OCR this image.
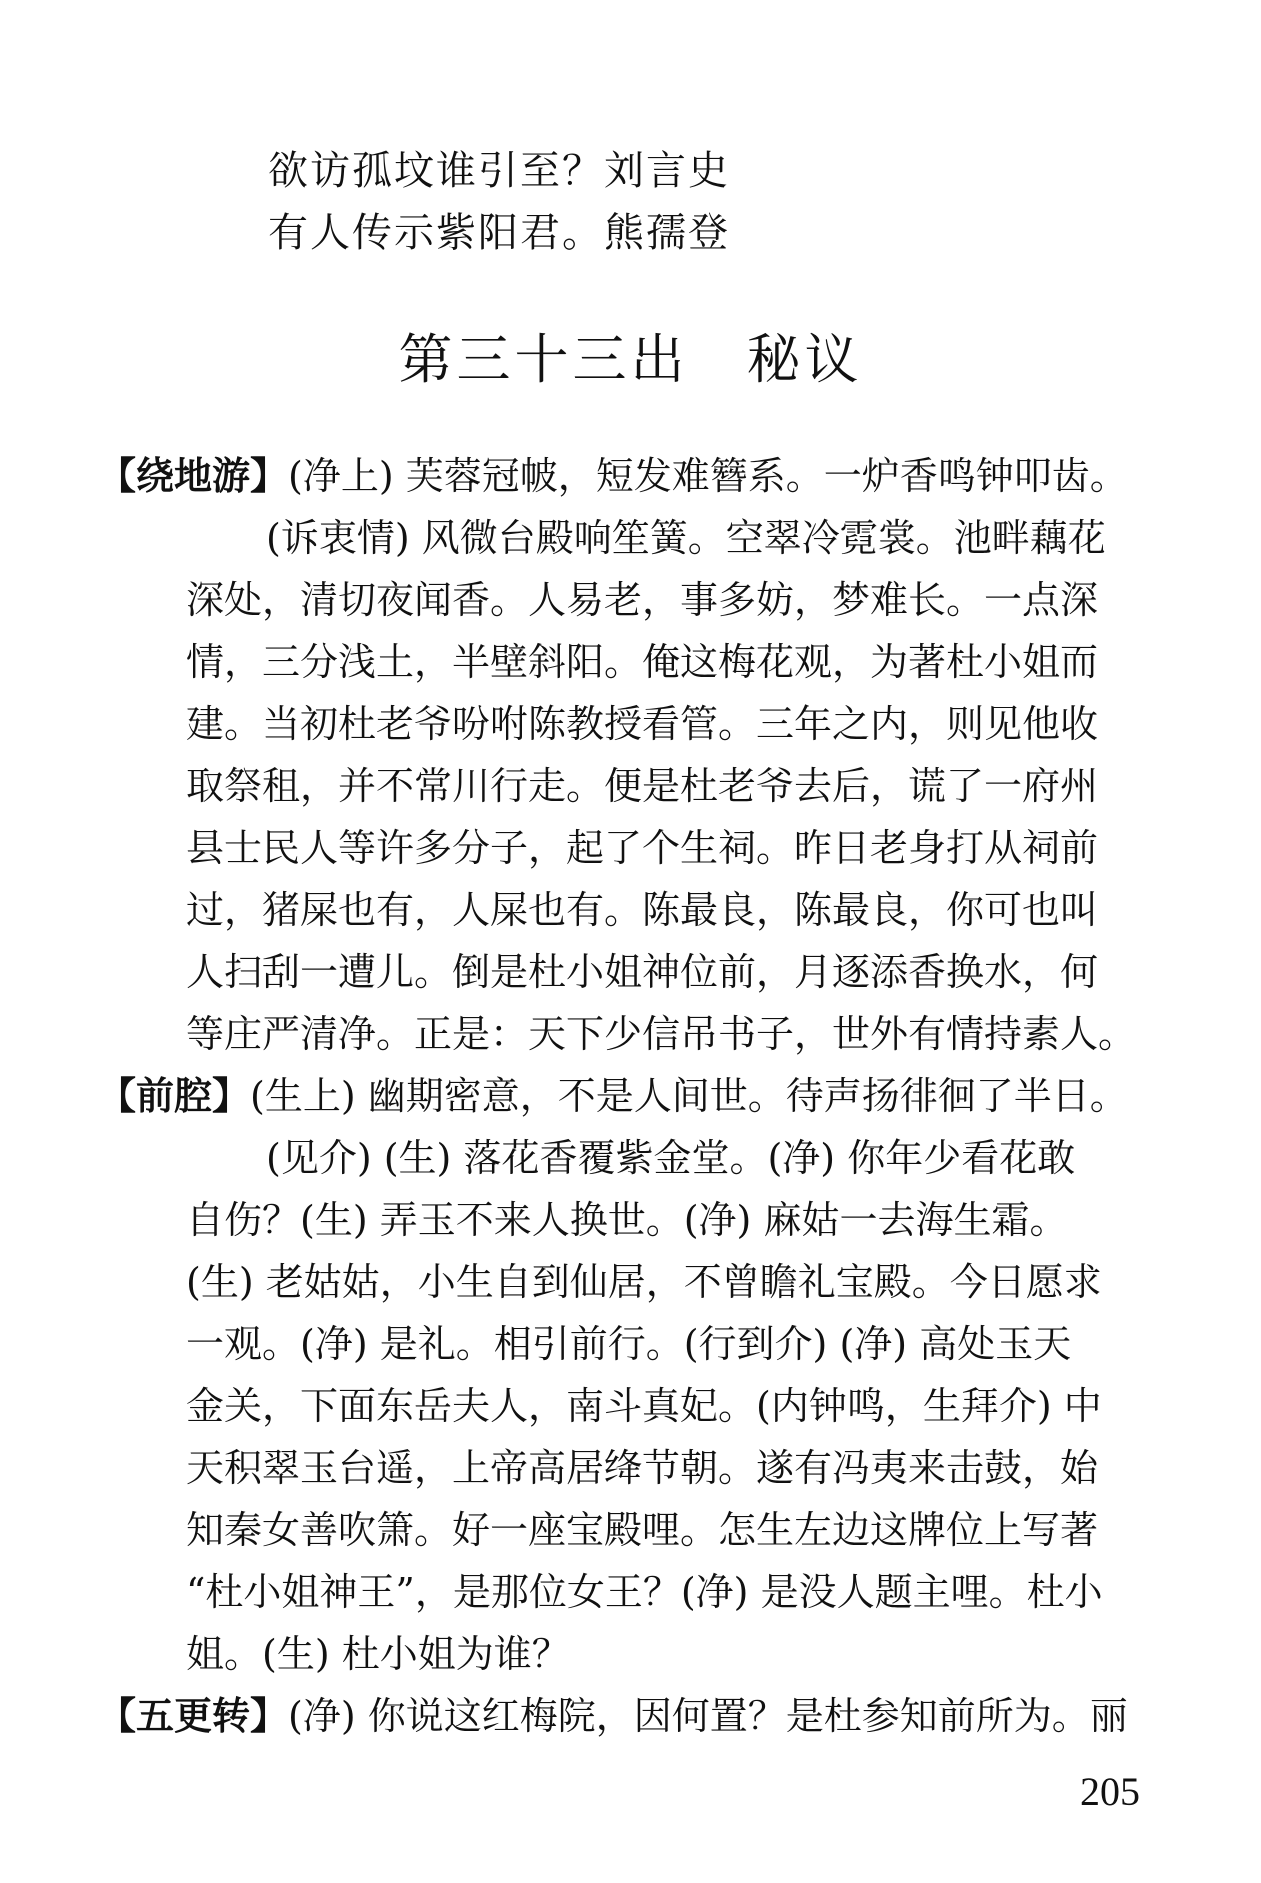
欲访孤坟谁引至？刘言史
有人传示紫阳君。熊孺登
第三十三出　秘议
【绕地游】(净上) 芙蓉冠帔，短发难簪系。一炉香鸣钟叩齿。
(诉衷情) 风微台殿响笙簧。空翠冷霓裳。池畔藕花
深处，清切夜闻香。人易老，事多妨，梦难长。一点深
情，三分浅土，半壁斜阳。俺这梅花观，为著杜小姐而
建。当初杜老爷吩咐陈教授看管。三年之内，则见他收
取祭租，并不常川行走。便是杜老爷去后，谎了一府州
县士民人等许多分子，起了个生祠。昨日老身打从祠前
过，猪屎也有，人屎也有。陈最良，陈最良，你可也叫
人扫刮一遭儿。倒是杜小姐神位前，月逐添香换水，何
等庄严清净。正是：天下少信吊书子，世外有情持素人。
【前腔】(生上) 幽期密意，不是人间世。待声扬徘徊了半日。
(见介) (生) 落花香覆紫金堂。(净) 你年少看花敢
自伤？(生) 弄玉不来人换世。(净) 麻姑一去海生霜。
(生) 老姑姑，小生自到仙居，不曾瞻礼宝殿。今日愿求
一观。(净) 是礼。相引前行。(行到介) (净) 高处玉天
金关，下面东岳夫人，南斗真妃。(内钟鸣，生拜介) 中
天积翠玉台遥，上帝高居绛节朝。遂有冯夷来击鼓，始
知秦女善吹箫。好一座宝殿哩。怎生左边这牌位上写著
“杜小姐神王”，是那位女王？(净) 是没人题主哩。杜小
姐。(生) 杜小姐为谁？
【五更转】(净) 你说这红梅院，因何置？是杜参知前所为。丽
205
